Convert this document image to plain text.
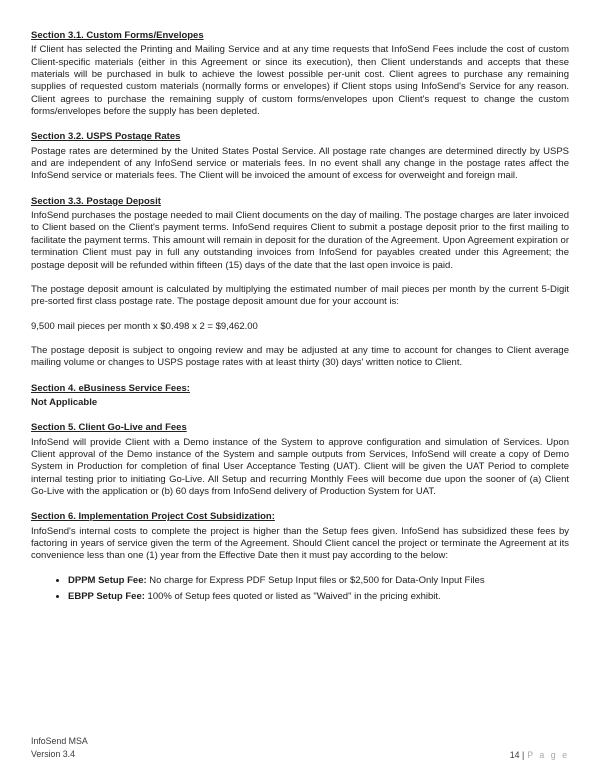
Section 3.1. Custom Forms/Envelopes

If Client has selected the Printing and Mailing Service and at any time requests that InfoSend Fees include the cost of custom Client-specific materials (either in this Agreement or since its execution), then Client understands and accepts that these materials will be purchased in bulk to achieve the lowest possible per-unit cost. Client agrees to purchase any remaining supplies of requested custom materials (normally forms or envelopes) if Client stops using InfoSend's Service for any reason. Client agrees to purchase the remaining supply of custom forms/envelopes upon Client's request to change the custom forms/envelopes before the supply has been depleted.

Section 3.2. USPS Postage Rates

Postage rates are determined by the United States Postal Service. All postage rate changes are determined directly by USPS and are independent of any InfoSend service or materials fees. In no event shall any change in the postage rates affect the InfoSend service or materials fees. The Client will be invoiced the amount of excess for overweight and foreign mail.

Section 3.3. Postage Deposit

InfoSend purchases the postage needed to mail Client documents on the day of mailing. The postage charges are later invoiced to Client based on the Client's payment terms. InfoSend requires Client to submit a postage deposit prior to the first mailing to facilitate the payment terms. This amount will remain in deposit for the duration of the Agreement. Upon Agreement expiration or termination Client must pay in full any outstanding invoices from InfoSend for payables created under this Agreement; the postage deposit will be refunded within fifteen (15) days of the date that the last open invoice is paid.

The postage deposit amount is calculated by multiplying the estimated number of mail pieces per month by the current 5-Digit pre-sorted first class postage rate. The postage deposit amount due for your account is:

9,500 mail pieces per month x $0.498 x 2 = $9,462.00

The postage deposit is subject to ongoing review and may be adjusted at any time to account for changes to Client average mailing volume or changes to USPS postage rates with at least thirty (30) days' written notice to Client.

Section 4. eBusiness Service Fees:

Not Applicable

Section 5. Client Go-Live and Fees

InfoSend will provide Client with a Demo instance of the System to approve configuration and simulation of Services. Upon Client approval of the Demo instance of the System and sample outputs from Services, InfoSend will create a copy of Demo System in Production for completion of final User Acceptance Testing (UAT). Client will be given the UAT Period to complete internal testing prior to initiating Go-Live. All Setup and recurring Monthly Fees will become due upon the sooner of (a) Client Go-Live with the application or (b) 60 days from InfoSend delivery of Production System for UAT.

Section 6. Implementation Project Cost Subsidization:

InfoSend's internal costs to complete the project is higher than the Setup fees given. InfoSend has subsidized these fees by factoring in years of service given the term of the Agreement. Should Client cancel the project or terminate the Agreement at its convenience less than one (1) year from the Effective Date then it must pay according to the below:

• DPPM Setup Fee: No charge for Express PDF Setup Input files or $2,500 for Data-Only Input Files
• EBPP Setup Fee: 100% of Setup fees quoted or listed as "Waived" in the pricing exhibit.
InfoSend MSA
Version 3.4	14 | P a g e
